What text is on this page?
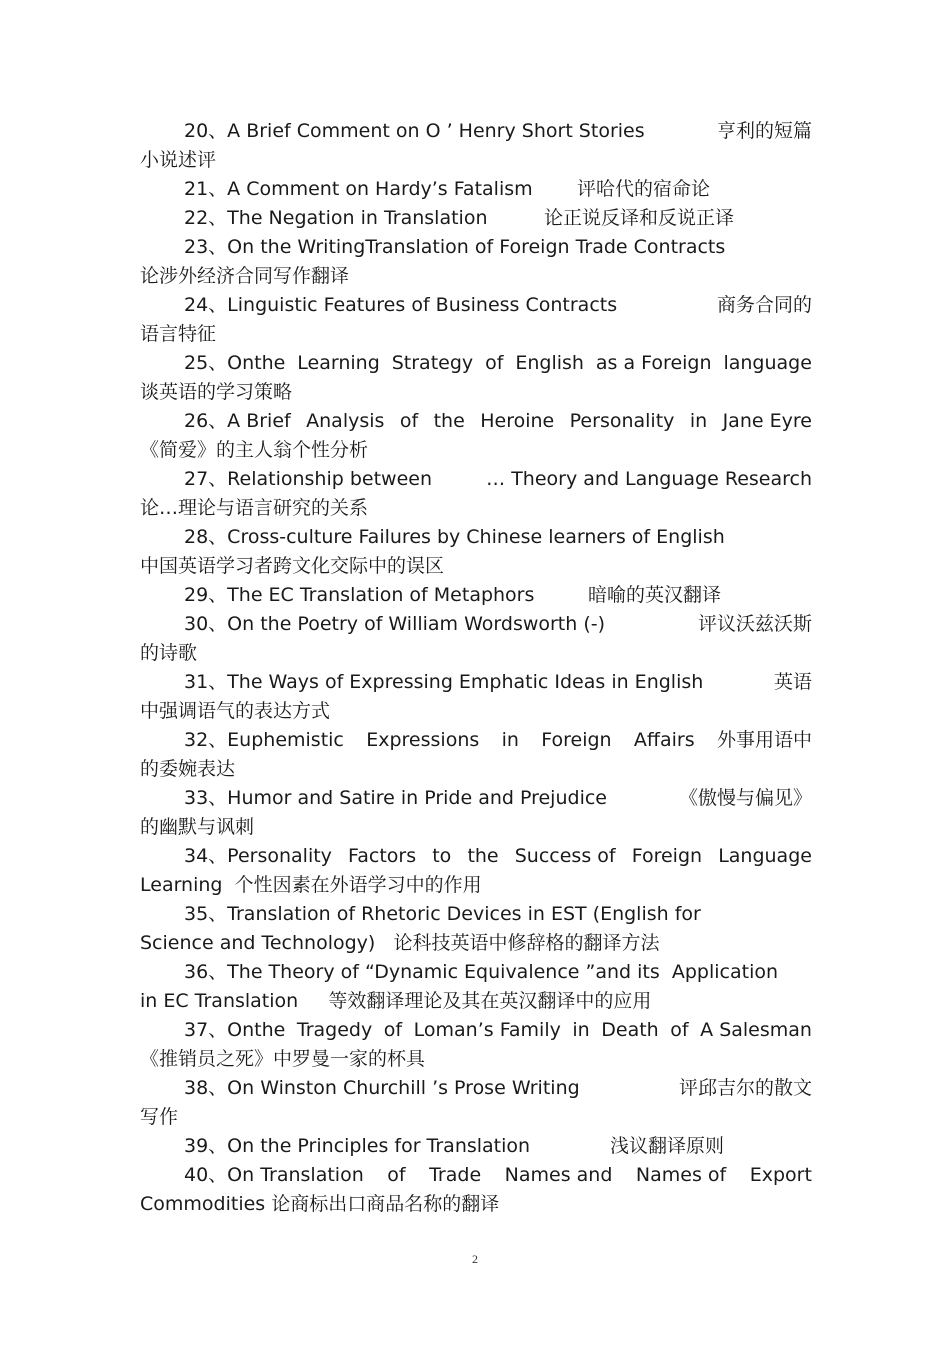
20、A Brief Comment on O ’ Henry Short Stories	亨利的短篇
小说述评

21、A Comment on Hardy’s Fatalism 评哈代的宿命论

22、The Negation in Translation	论正说反译和反说正译

23、On the WritingTranslation of Foreign Trade Contracts
论涉外经济合同写作翻译

24、Linguistic Features of Business Contracts	商务合同的
语言特征

25、Onthe Learning Strategy of English as a Foreign language
谈英语的学习策略

26、A Brief Analysis of the Heroine Personality in Jane Eyre
《简爱》的主人翁个性分析

27、Relationship between	… Theory and Language Research
论…理论与语言研究的关系

28、Cross-culture Failures by Chinese learners of English
中国英语学习者跨文化交际中的误区

29、The EC Translation of Metaphors	暗喻的英汉翻译

30、On the Poetry of William Wordsworth (-)	评议沃兹沃斯
的诗歌

31、The Ways of Expressing Emphatic Ideas in English	英语
中强调语气的表达方式

32、Euphemistic Expressions in Foreign Affairs 外事用语中
的委婉表达

33、Humor and Satire in Pride and Prejudice	《傲慢与偏见》
的幽默与讽刺

34、Personality Factors to the Success of Foreign Language
Learning  个性因素在外语学习中的作用

35、Translation of Rhetoric Devices in EST (English for
Science and Technology)   论科技英语中修辞格的翻译方法

36、The Theory of “Dynamic Equivalence ”and its  Application
in EC Translation     等效翻译理论及其在英汉翻译中的应用

37、Onthe Tragedy of Loman’s Family in Death of A Salesman
《推销员之死》中罗曼一家的杯具

38、On Winston Churchill ’s Prose Writing	评邱吉尔的散文
写作

39、On the Principles for Translation	浅议翻译原则

40、On Translation of Trade Names and Names of Export
Commodities 论商标出口商品名称的翻译

2
